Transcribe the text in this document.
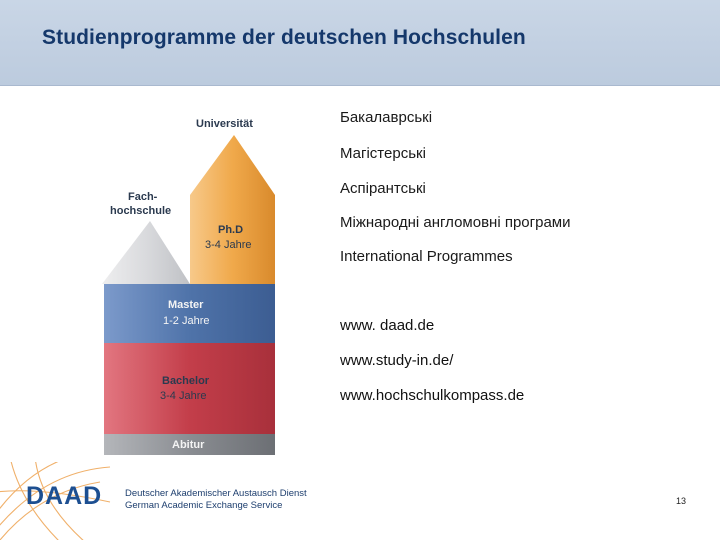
Studienprogramme der deutschen Hochschulen
Universität
Fach-
hochschule
Ph.D
3-4 Jahre
Master
1-2 Jahre
Bachelor
3-4 Jahre
Abitur
Бакалаврські
Магістерські
Аспірантські
Міжнародні англомовні програми
International Programmes
www. daad.de
www.study-in.de/
www.hochschulkompass.de
DAAD Deutscher Akademischer Austausch Dienst
German Academic Exchange Service	13
